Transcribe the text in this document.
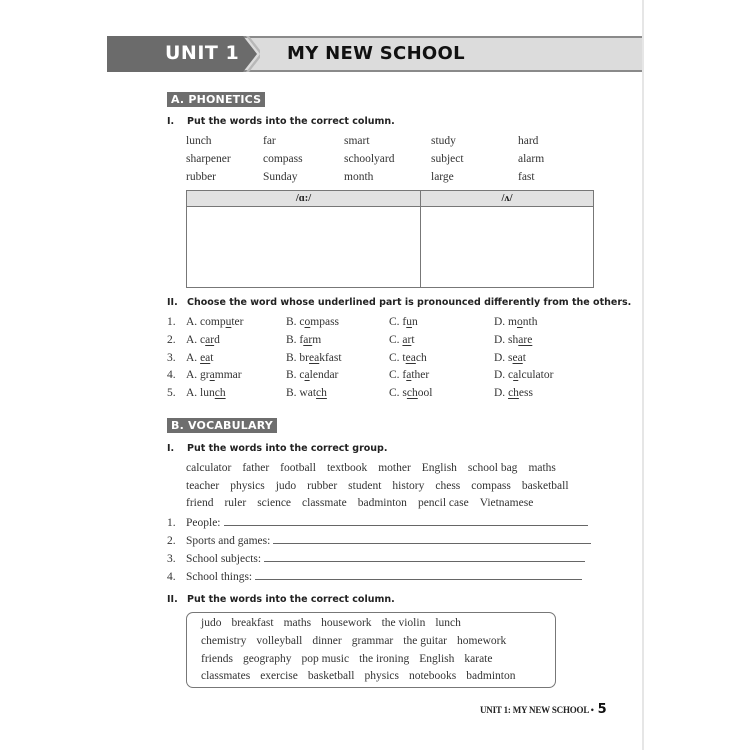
UNIT 1	MY NEW SCHOOL
A. PHONETICS
I. Put the words into the correct column.
lunch	far	smart	study	hard
sharpener	compass	schoolyard	subject	alarm
rubber	Sunday	month	large	fast
/ɑ:/	/ʌ/

II. Choose the word whose underlined part is pronounced differently from the others.
1. A. computer	B. compass	C. fun	D. month
2. A. card	B. farm	C. art	D. share
3. A. eat	B. breakfast	C. teach	D. seat
4. A. grammar	B. calendar	C. father	D. calculator
5. A. lunch	B. watch	C. school	D. chess
B. VOCABULARY
I. Put the words into the correct group.
calculator father football textbook mother English school bag maths
teacher physics judo rubber student history chess compass basketball
friend ruler science classmate badminton pencil case Vietnamese
1. People:
2. Sports and games:
3. School subjects:
4. School things:
II. Put the words into the correct column.
judo breakfast maths housework the violin lunch
chemistry volleyball dinner grammar the guitar homework
friends geography pop music the ironing English karate
classmates exercise basketball physics notebooks badminton
UNIT 1: MY NEW SCHOOL • 5
